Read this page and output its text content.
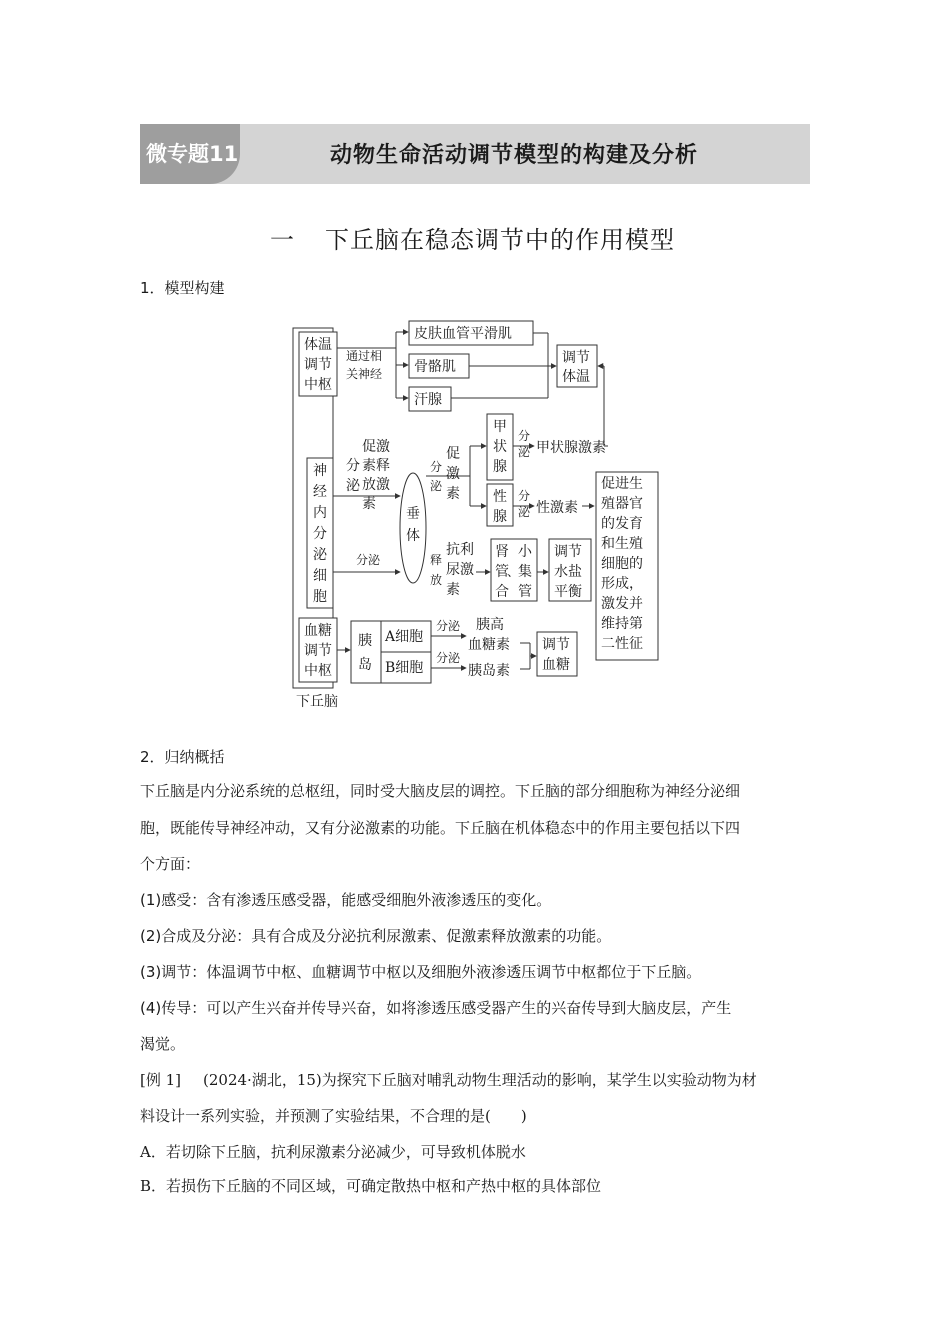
微专题11	动物生命活动调节模型的构建及分析
一 下丘脑在稳态调节中的作用模型
1．模型构建
下丘脑
体温
调节
中枢
通过相
关神经
皮肤血管平滑肌
骨骼肌
汗腺
调节
体温
神
经
内
分
泌
细
胞
分
泌
促激
素释
放激
素
分泌
垂
体
分
泌
促
激
素
释
放
抗利
尿激
素
甲
状
腺
分
泌 甲状腺激素
性
腺
分
泌 性激素
肾
管
小
、
集
合 管
调节
水盐
平衡
促进生
殖器官
的发育
和生殖
细胞的
形成，
激发并
维持第
二性征
血糖
调节
中枢
胰
岛
A细胞
B细胞
分泌
分泌
胰高
血糖素
胰岛素
调节
血糖
2．归纳概括
下丘脑是内分泌系统的总枢纽，同时受大脑皮层的调控。下丘脑的部分细胞称为神经分泌细
胞，既能传导神经冲动，又有分泌激素的功能。下丘脑在机体稳态中的作用主要包括以下四
个方面：
(1)感受：含有渗透压感受器，能感受细胞外液渗透压的变化。
(2)合成及分泌：具有合成及分泌抗利尿激素、促激素释放激素的功能。
(3)调节：体温调节中枢、血糖调节中枢以及细胞外液渗透压调节中枢都位于下丘脑。
(4)传导：可以产生兴奋并传导兴奋，如将渗透压感受器产生的兴奋传导到大脑皮层，产生
渴觉。
[例 1] (2024·湖北，15)为探究下丘脑对哺乳动物生理活动的影响，某学生以实验动物为材
料设计一系列实验，并预测了实验结果，不合理的是(　　)
A．若切除下丘脑，抗利尿激素分泌减少，可导致机体脱水
B．若损伤下丘脑的不同区域，可确定散热中枢和产热中枢的具体部位
